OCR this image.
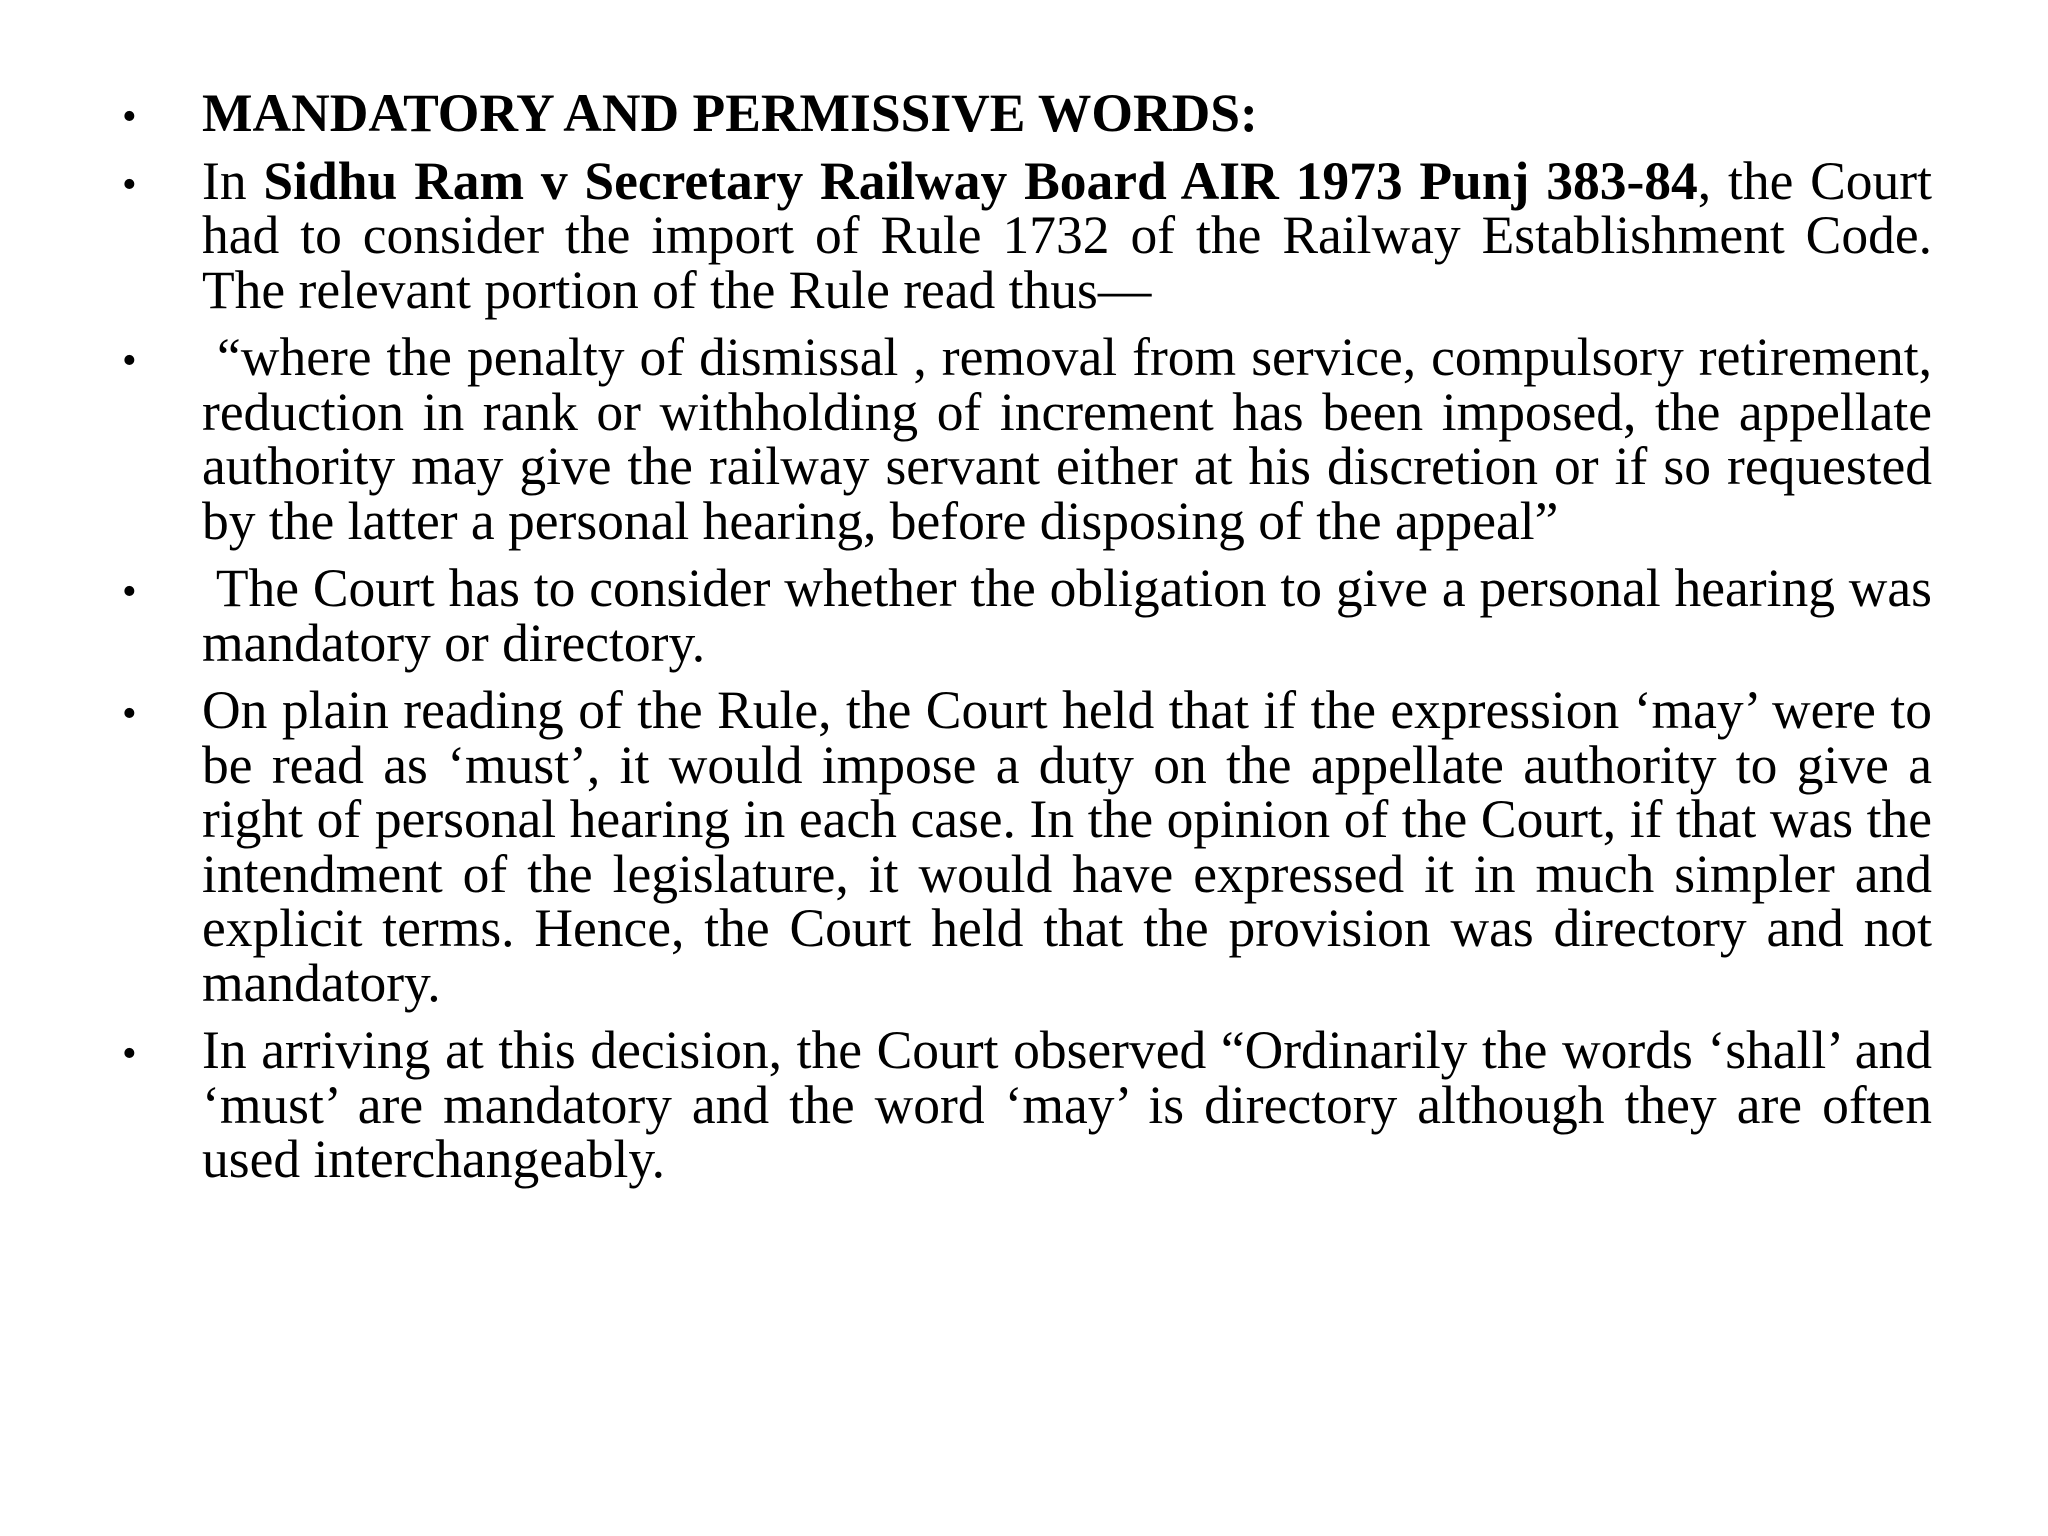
• MANDATORY AND PERMISSIVE WORDS:
• In Sidhu Ram v Secretary Railway Board AIR 1973 Punj 383-84, the Court had to consider the import of Rule 1732 of the Railway Establishment Code. The relevant portion of the Rule read thus—
• “where the penalty of dismissal , removal from service, compulsory retirement, reduction in rank or withholding of increment has been imposed, the appellate authority may give the railway servant either at his discretion or if so requested by the latter a personal hearing, before disposing of the appeal”
• The Court has to consider whether the obligation to give a personal hearing was mandatory or directory.
• On plain reading of the Rule, the Court held that if the expression ‘may’ were to be read as ‘must’, it would impose a duty on the appellate authority to give a right of personal hearing in each case. In the opinion of the Court, if that was the intendment of the legislature, it would have expressed it in much simpler and explicit terms. Hence, the Court held that the provision was directory and not mandatory.
• In arriving at this decision, the Court observed “Ordinarily the words ‘shall’ and ‘must’ are mandatory and the word ‘may’ is directory although they are often used interchangeably.
